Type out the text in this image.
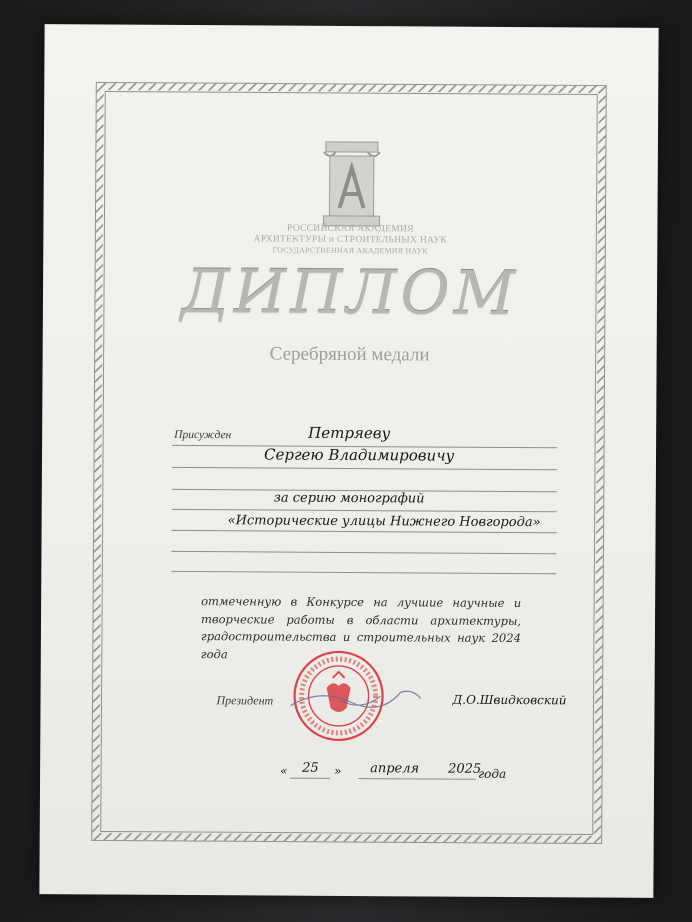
РОССИЙСКАЯ АКАДЕМИЯ
АРХИТЕКТУРЫ и СТРОИТЕЛЬНЫХ НАУК
ГОСУДАРСТВЕННАЯ АКАДЕМИЯ НАУК
ДИПЛОМ
Серебряной медали
Присужден	Петряеву
Сергею Владимировичу
за серию монографий
«Исторические улицы Нижнего Новгорода»
отмеченную в Конкурсе на лучшие научные и творческие работы в области архитектуры, градостроительства и строительных наук 2024 года
Президент	Д.О.Швидковский
« 25 » апреля 2025
года
